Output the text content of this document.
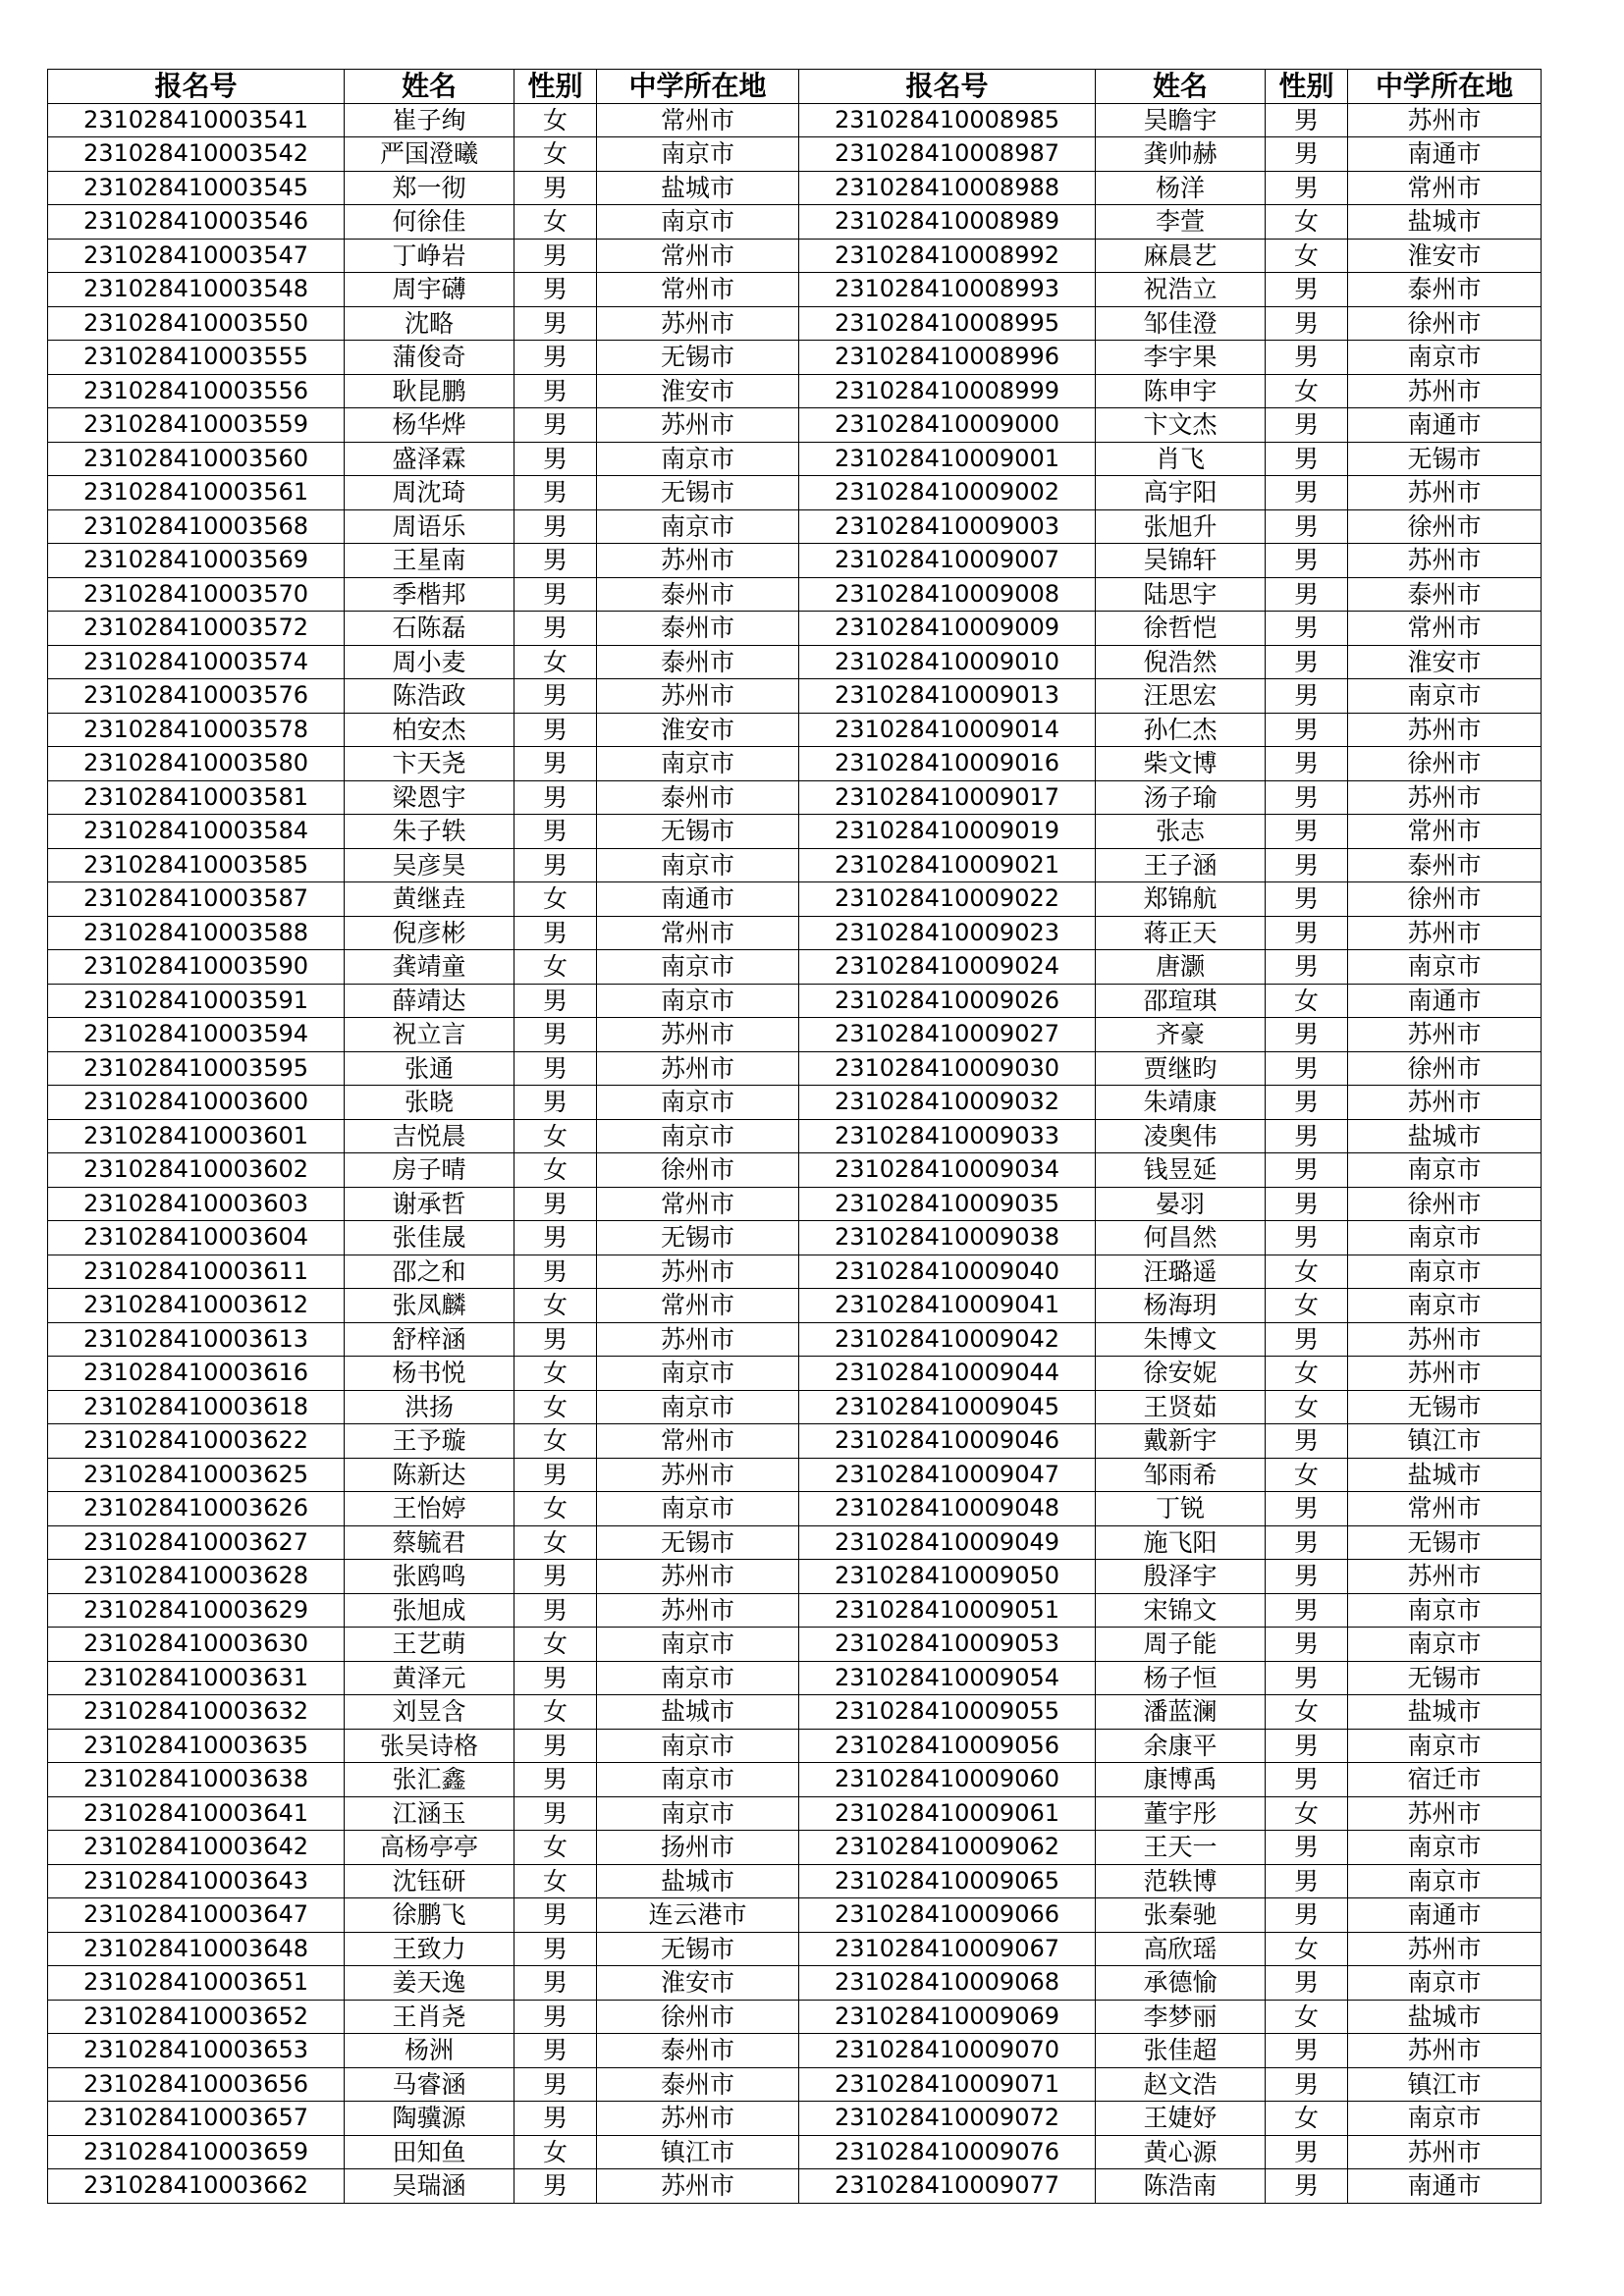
报名号	姓名	性别	中学所在地	报名号	姓名	性别	中学所在地
231028410003541	崔子绚	女	常州市	231028410008985	吴瞻宇	男	苏州市
231028410003542	严国澄曦	女	南京市	231028410008987	龚帅赫	男	南通市
231028410003545	郑一彻	男	盐城市	231028410008988	杨洋	男	常州市
231028410003546	何徐佳	女	南京市	231028410008989	李萱	女	盐城市
231028410003547	丁峥岩	男	常州市	231028410008992	麻晨艺	女	淮安市
231028410003548	周宇礴	男	常州市	231028410008993	祝浩立	男	泰州市
231028410003550	沈略	男	苏州市	231028410008995	邹佳澄	男	徐州市
231028410003555	蒲俊奇	男	无锡市	231028410008996	李宇果	男	南京市
231028410003556	耿昆鹏	男	淮安市	231028410008999	陈申宇	女	苏州市
231028410003559	杨华烨	男	苏州市	231028410009000	卞文杰	男	南通市
231028410003560	盛泽霖	男	南京市	231028410009001	肖飞	男	无锡市
231028410003561	周沈琦	男	无锡市	231028410009002	高宇阳	男	苏州市
231028410003568	周语乐	男	南京市	231028410009003	张旭升	男	徐州市
231028410003569	王星南	男	苏州市	231028410009007	吴锦轩	男	苏州市
231028410003570	季楷邦	男	泰州市	231028410009008	陆思宇	男	泰州市
231028410003572	石陈磊	男	泰州市	231028410009009	徐哲恺	男	常州市
231028410003574	周小麦	女	泰州市	231028410009010	倪浩然	男	淮安市
231028410003576	陈浩政	男	苏州市	231028410009013	汪思宏	男	南京市
231028410003578	柏安杰	男	淮安市	231028410009014	孙仁杰	男	苏州市
231028410003580	卞天尧	男	南京市	231028410009016	柴文博	男	徐州市
231028410003581	梁恩宇	男	泰州市	231028410009017	汤子瑜	男	苏州市
231028410003584	朱子轶	男	无锡市	231028410009019	张志	男	常州市
231028410003585	吴彦昊	男	南京市	231028410009021	王子涵	男	泰州市
231028410003587	黄继垚	女	南通市	231028410009022	郑锦航	男	徐州市
231028410003588	倪彦彬	男	常州市	231028410009023	蒋正天	男	苏州市
231028410003590	龚靖童	女	南京市	231028410009024	唐灏	男	南京市
231028410003591	薛靖达	男	南京市	231028410009026	邵瑄琪	女	南通市
231028410003594	祝立言	男	苏州市	231028410009027	齐豪	男	苏州市
231028410003595	张通	男	苏州市	231028410009030	贾继昀	男	徐州市
231028410003600	张晓	男	南京市	231028410009032	朱靖康	男	苏州市
231028410003601	吉悦晨	女	南京市	231028410009033	凌奥伟	男	盐城市
231028410003602	房子晴	女	徐州市	231028410009034	钱昱延	男	南京市
231028410003603	谢承哲	男	常州市	231028410009035	晏羽	男	徐州市
231028410003604	张佳晟	男	无锡市	231028410009038	何昌然	男	南京市
231028410003611	邵之和	男	苏州市	231028410009040	汪璐遥	女	南京市
231028410003612	张凤麟	女	常州市	231028410009041	杨海玥	女	南京市
231028410003613	舒梓涵	男	苏州市	231028410009042	朱博文	男	苏州市
231028410003616	杨书悦	女	南京市	231028410009044	徐安妮	女	苏州市
231028410003618	洪扬	女	南京市	231028410009045	王贤茹	女	无锡市
231028410003622	王予璇	女	常州市	231028410009046	戴新宇	男	镇江市
231028410003625	陈新达	男	苏州市	231028410009047	邹雨希	女	盐城市
231028410003626	王怡婷	女	南京市	231028410009048	丁锐	男	常州市
231028410003627	蔡毓君	女	无锡市	231028410009049	施飞阳	男	无锡市
231028410003628	张鸥鸣	男	苏州市	231028410009050	殷泽宇	男	苏州市
231028410003629	张旭成	男	苏州市	231028410009051	宋锦文	男	南京市
231028410003630	王艺萌	女	南京市	231028410009053	周子能	男	南京市
231028410003631	黄泽元	男	南京市	231028410009054	杨子恒	男	无锡市
231028410003632	刘昱含	女	盐城市	231028410009055	潘蓝澜	女	盐城市
231028410003635	张吴诗格	男	南京市	231028410009056	余康平	男	南京市
231028410003638	张汇鑫	男	南京市	231028410009060	康博禹	男	宿迁市
231028410003641	江涵玉	男	南京市	231028410009061	董宇彤	女	苏州市
231028410003642	高杨亭亭	女	扬州市	231028410009062	王天一	男	南京市
231028410003643	沈钰研	女	盐城市	231028410009065	范轶博	男	南京市
231028410003647	徐鹏飞	男	连云港市	231028410009066	张秦驰	男	南通市
231028410003648	王致力	男	无锡市	231028410009067	高欣瑶	女	苏州市
231028410003651	姜天逸	男	淮安市	231028410009068	承德愉	男	南京市
231028410003652	王肖尧	男	徐州市	231028410009069	李梦丽	女	盐城市
231028410003653	杨洲	男	泰州市	231028410009070	张佳超	男	苏州市
231028410003656	马睿涵	男	泰州市	231028410009071	赵文浩	男	镇江市
231028410003657	陶骥源	男	苏州市	231028410009072	王婕妤	女	南京市
231028410003659	田知鱼	女	镇江市	231028410009076	黄心源	男	苏州市
231028410003662	吴瑞涵	男	苏州市	231028410009077	陈浩南	男	南通市
